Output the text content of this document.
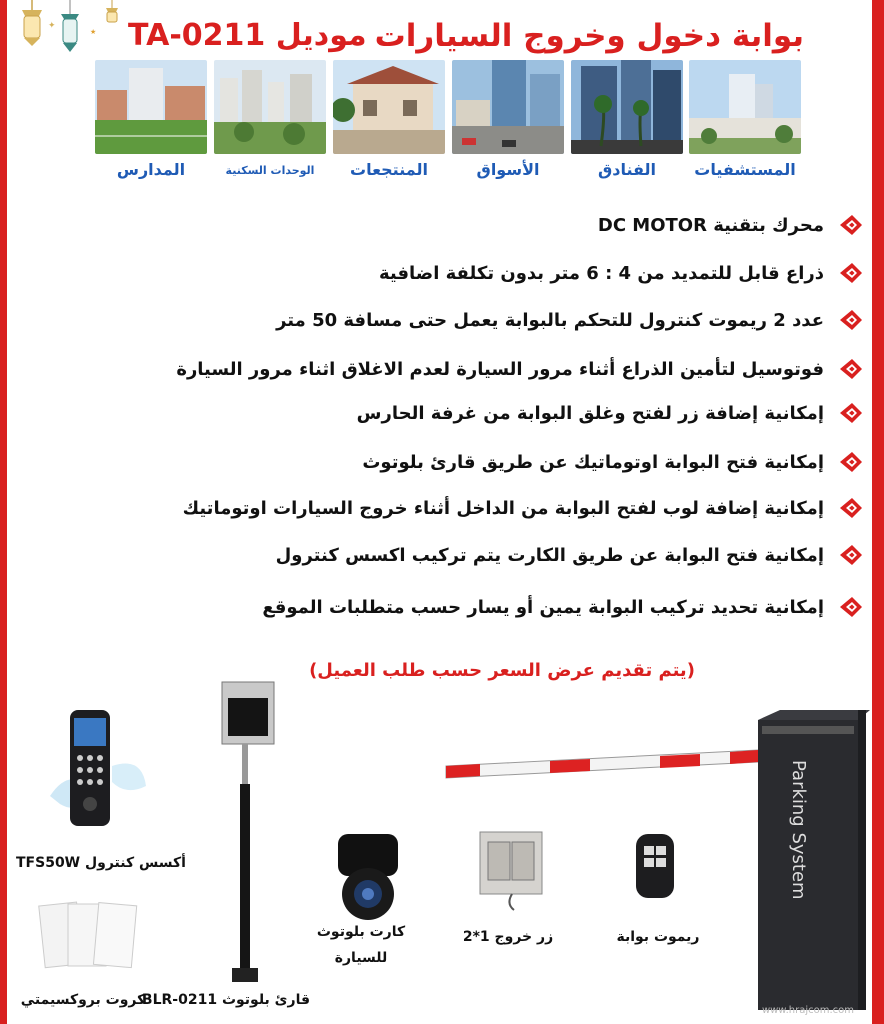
✦
★	بوابة دخول وخروج السيارات
موديل TA-0211
المستشفيات
الفنادق
الأسواق
المنتجعات
الوحدات السكنية
المدارس
محرك بتقنية DC MOTOR
ذراع قابل للتمديد من 4 : 6 متر بدون تكلفة اضافية
عدد 2 ريموت كنترول للتحكم بالبوابة يعمل حتى مسافة 50 متر
فوتوسيل لتأمين الذراع أثناء مرور السيارة لعدم الاغلاق اثناء مرور السيارة
إمكانية إضافة زر لفتح وغلق البوابة من غرفة الحارس
إمكانية فتح البوابة اوتوماتيك عن طريق قارئ بلوتوث
إمكانية إضافة لوب لفتح البوابة من الداخل أثناء خروج السيارات اوتوماتيك
إمكانية فتح البوابة عن طريق الكارت يتم تركيب اكسس كنترول
إمكانية تحديد تركيب البوابة يمين أو يسار حسب متطلبات الموقع
(يتم تقديم عرض السعر حسب طلب العميل)
Parking System
ريموت بوابة
زر خروج 1*2
كارت بلوتوث
للسيارة
قارئ بلوتوث BLR-0211
أكسس كنترول TFS50W
كروت بروكسيمتي
www.hrajcom.com
